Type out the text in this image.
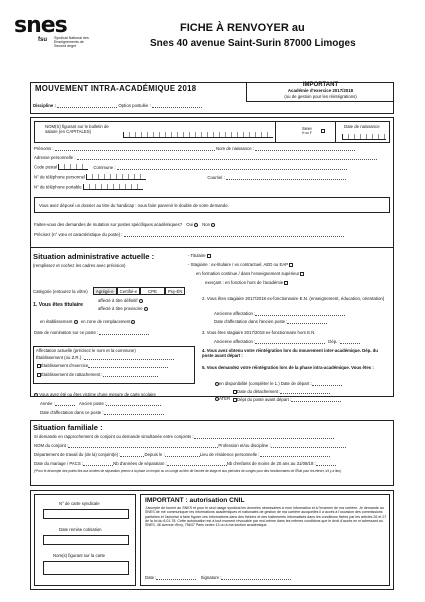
snes
fsu Syndicat National des Enseignements de Second degré
FICHE À RENVOYER au
Snes 40 avenue Saint-Surin 87000 Limoges
MOUVEMENT INTRA-ACADÉMIQUE 2018	IMPORTANT
Académie d'exercice 2017/2018
(ou de gestion pour les réintégrations)
Discipline :	Option postulée :
NOM(S) figurant sur le bulletin de salaire (en CAPITALES)
Sexe
H ou F
Date de naissance
Prénoms :	Nom de naissance :
Adresse personnelle :
Code postal	Commune :
N° de téléphone personnel	Courriel :
N° de téléphone portable
Vous avez déposé un dossier au titre du handicap : nous faire parvenir le double de votre demande.
Faites-vous des demandes de mutation sur postes spécifiques académiques? Oui Non
Précisez (n° vœu et caractéristique du poste) :
Situation administrative actuelle :
(remplissez et cochez les cadres avec précision)
- Titulaire
- Stagiaire : ex-titulaire / ex contractuel, AED ou EAP
en formation continue / dans l'enseignement supérieur
exerçant : en fonction hors de l'académie
Catégorie (entourez la vôtre) Agrégé-e Certifié-e	CPE	Psy-ÉN
1. Vous êtes titulaire
affecté à titre définitif
affecté à titre provisoire
en établissement en zone de remplacement
Date de nomination sur ce poste :
Affectation actuelle (précisez le nom et la commune)
Établissement (ou Z.R.) :
Établissement d'exercice
Établissement de rattachement :
Vous avez été ou êtes victime d'une mesure de carte scolaire
Année :	Ancien poste :
Date d'affectation dans ce poste :
2. Vous êtes stagiaire 2017/2018 ex-fonctionnaire E.N. (enseignement, éducation, orientation)
Ancienne affectation :
Date d'affectation dans l'ancien poste :
3. Vous êtes stagiaire 2017/2018 ex-fonctionnaire hors E.N.
Ancienne affectation :	Dép. :
4. Vous avez obtenu votre réintégration lors du mouvement inter-académique. Dép. du poste avant départ :
5. Vous demandez votre réintégration lors de la phase intra-académique. Vous êtes :
en disponibilité (compléter le 1.) Date de départ :
Date du détachement :
ATER	Dépt du poste avant départ :
Situation familiale :
Si demande en rapprochement de conjoint ou demande simultanée entre conjoints :
NOM du conjoint :	Profession et/ou discipline :
Département de travail du (de la) conjoint(e) :	Depuis le :	Lieu de résidence personnelle :
Date du mariage / PACS :	Nb d'années de séparation :	Nb d'enfants de moins de 20 ans au 31/08/18 :
(*Pour le décompte des points liés aux années de séparation prenez à la place un emploi ou un congé au titre de l'année de stage et aux périodes de congés pour des fonctionnaires de l'État pour les élever, s'il y a lieu)
N° de carte syndicale
Date remise cotisation
Nom(s) figurant sur la carte
IMPORTANT : autorisation CNIL
J'accepte de fournir au SNES et pour le seul usage syndical les données nécessaires à mon information et à l'examen de ma carrière. Je demande au SNES de me communiquer les informations académiques et nationales de gestion de ma carrière auxquelles il a accès à l'occasion des commissions paritaires et l'autorise à faire figurer ces informations dans des fichiers et des traitements informatisés dans les conditions fixées par les articles 26 et 27 de la loi du 6.01.78. Cette autorisation est à tout moment révocable par moi-même dans les mêmes conditions que le droit d'accès en m'adressant au SNES, 46 avenue d'Ivry, 75647 Paris cedex 13 ou à ma section académique.
Date :	Signature :
